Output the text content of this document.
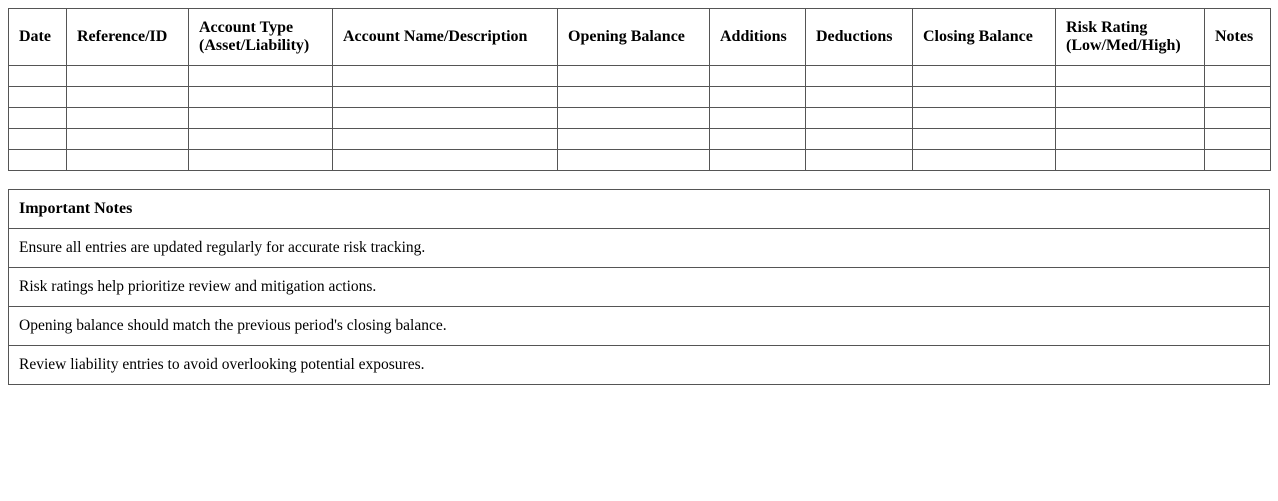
Date	Reference/ID	Account Type (Asset/Liability)	Account Name/Description	Opening Balance	Additions	Deductions	Closing Balance	Risk Rating (Low/Med/High)	Notes

Important Notes
Ensure all entries are updated regularly for accurate risk tracking.
Risk ratings help prioritize review and mitigation actions.
Opening balance should match the previous period's closing balance.
Review liability entries to avoid overlooking potential exposures.
